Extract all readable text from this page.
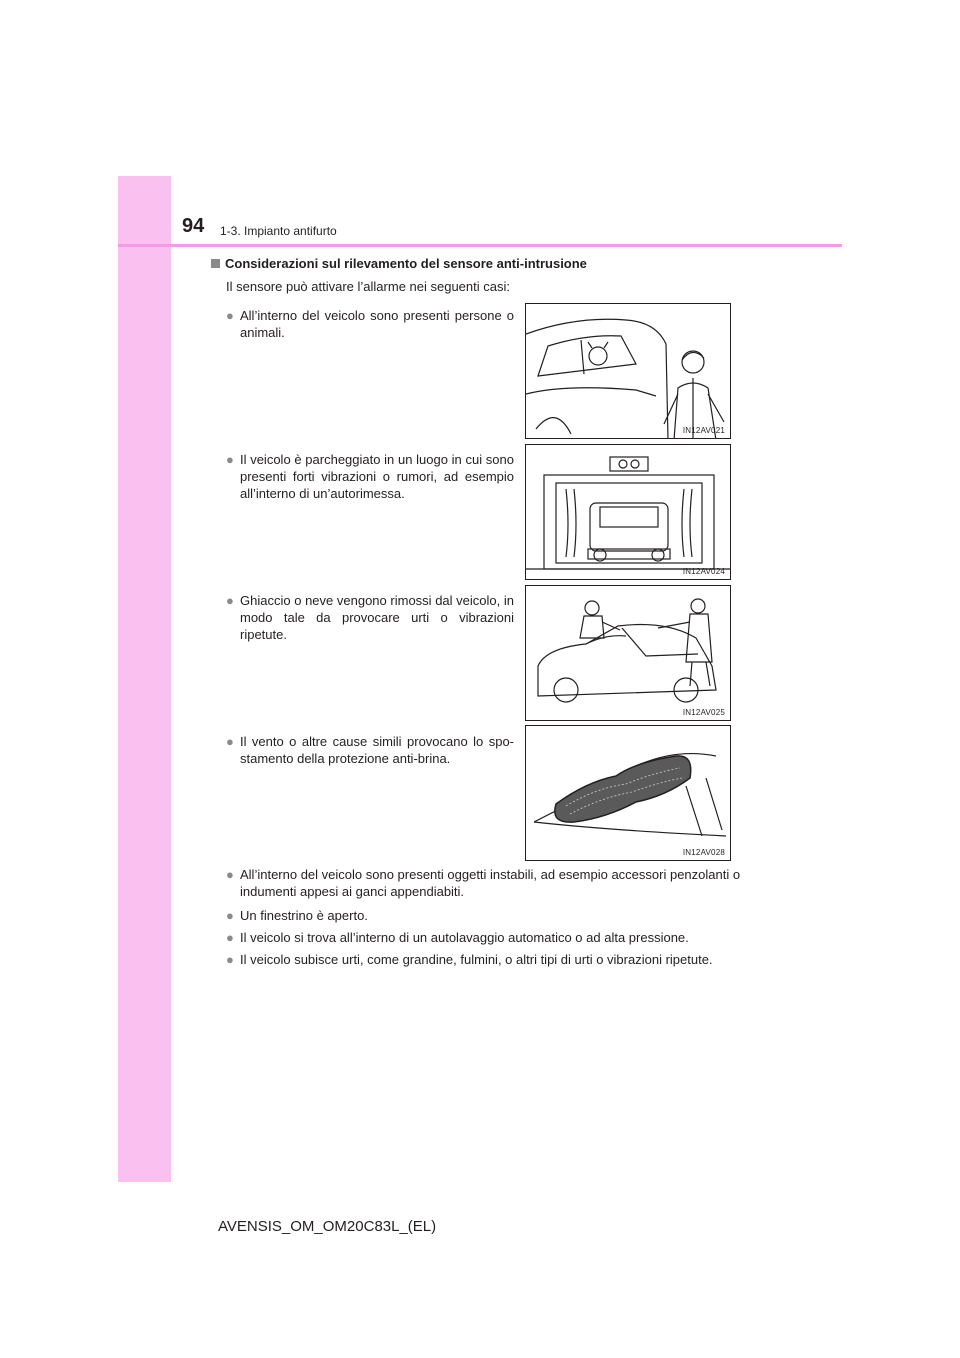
94 1-3. Impianto antifurto
Considerazioni sul rilevamento del sensore anti-intrusione
Il sensore può attivare l’allarme nei seguenti casi:
● All’interno del veicolo sono presenti persone o animali.
IN12AV021
● Il veicolo è parcheggiato in un luogo in cui sono presenti forti vibrazioni o rumori, ad esempio all’interno di un’autorimessa.
IN12AV024
● Ghiaccio o neve vengono rimossi dal veicolo, in modo tale da provocare urti o vibrazioni ripetute.
IN12AV025
● Il vento o altre cause simili provocano lo spo-stamento della protezione anti-brina.
IN12AV028
● All’interno del veicolo sono presenti oggetti instabili, ad esempio accessori penzolanti o indumenti appesi ai ganci appendiabiti.
● Un finestrino è aperto.
● Il veicolo si trova all’interno di un autolavaggio automatico o ad alta pressione.
● Il veicolo subisce urti, come grandine, fulmini, o altri tipi di urti o vibrazioni ripetute.
AVENSIS_OM_OM20C83L_(EL)
